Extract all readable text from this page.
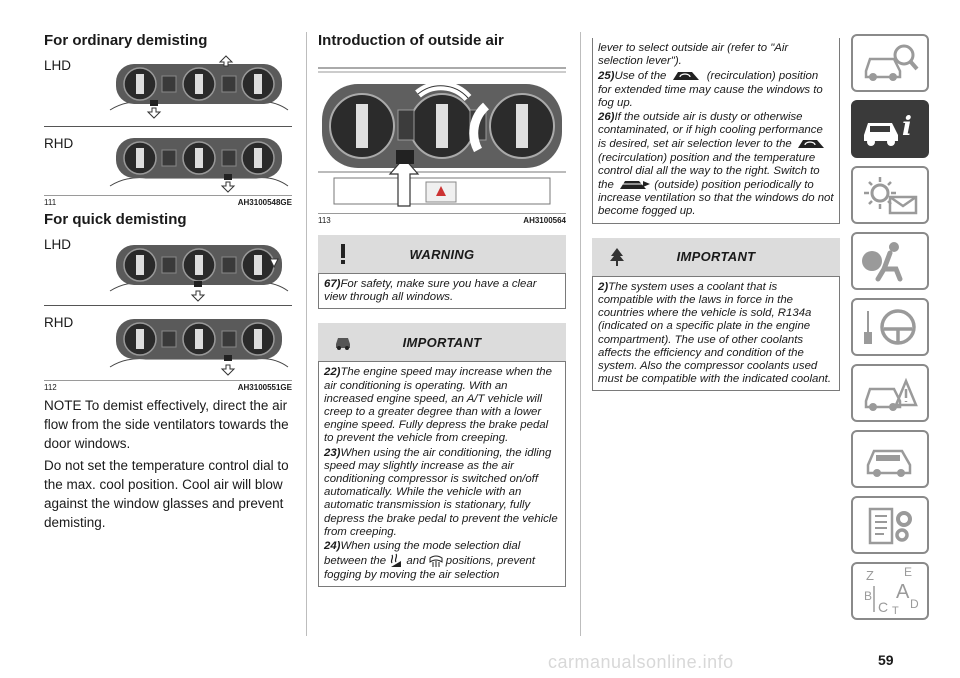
For ordinary demisting
LHD
RHD
111	AH3100548GE
For quick demisting
LHD
RHD
112	AH3100551GE

NOTE To demist effectively, direct the air flow from the side ventilators towards the door windows.

Do not set the temperature control dial to the max. cool position. Cool air will blow against the window glasses and prevent demisting.

Introduction of outside air
113	AH3100564
WARNING

67)For safety, make sure you have a clear view through all windows.

IMPORTANT

22)The engine speed may increase when the air conditioning is operating. With an increased engine speed, an A/T vehicle will creep to a greater degree than with a lower engine speed. Fully depress the brake pedal to prevent the vehicle from creeping.

23)When using the air conditioning, the idling speed may slightly increase as the air conditioning compressor is switched on/off automatically. While the vehicle with an automatic transmission is stationary, fully depress the brake pedal to prevent the vehicle from creeping.

24)When using the mode selection dial between the and positions, prevent fogging by moving the air selection

lever to select outside air (refer to "Air selection lever").

25)Use of the	(recirculation) position for extended time may cause the windows to fog up.

26)If the outside air is dusty or otherwise contaminated, or if high cooling performance is desired, set air selection lever to the  (recirculation) position and the temperature control dial all the way to the right. Switch to the	(outside) position periodically to increase ventilation so that the windows do not become fogged up.

IMPORTANT

2)The system uses a coolant that is compatible with the laws in force in the countries where the vehicle is sold, R134a (indicated on a specific plate in the engine compartment). The use of other coolants affects the efficiency and condition of the system. Also the compressor coolants used must be compatible with the indicated coolant.

i
Z	E
B A
C T D
carmanualsonline.info	59
